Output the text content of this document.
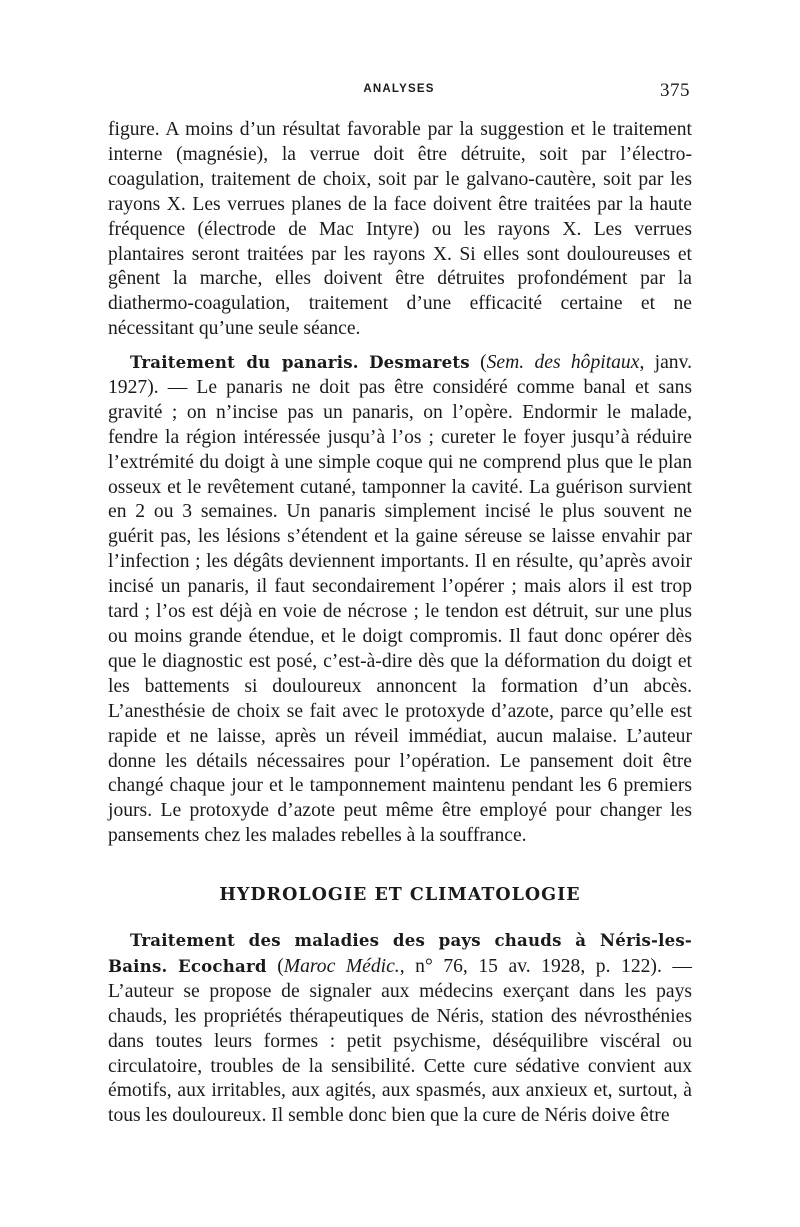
ANALYSES	375

figure. A moins d’un résultat favorable par la suggestion et le traitement interne (magnésie), la verrue doit être détruite, soit par l’électro-coagulation, traitement de choix, soit par le galvano-cautère, soit par les rayons X. Les verrues planes de la face doivent être traitées par la haute fréquence (électrode de Mac Intyre) ou les rayons X. Les verrues plantaires seront traitées par les rayons X. Si elles sont douloureuses et gênent la marche, elles doivent être détruites profondément par la diathermo-coagulation, traitement d’une efficacité certaine et ne nécessitant qu’une seule séance.

Traitement du panaris. Desmarets (Sem. des hôpitaux, janv. 1927). — Le panaris ne doit pas être considéré comme banal et sans gravité ; on n’incise pas un panaris, on l’opère. Endormir le malade, fendre la région intéressée jusqu’à l’os ; cureter le foyer jusqu’à réduire l’extrémité du doigt à une simple coque qui ne comprend plus que le plan osseux et le revêtement cutané, tamponner la cavité. La guérison survient en 2 ou 3 semaines. Un panaris simplement incisé le plus souvent ne guérit pas, les lésions s’étendent et la gaine séreuse se laisse envahir par l’infection ; les dégâts deviennent importants. Il en résulte, qu’après avoir incisé un panaris, il faut secondairement l’opérer ; mais alors il est trop tard ; l’os est déjà en voie de nécrose ; le tendon est détruit, sur une plus ou moins grande étendue, et le doigt compromis. Il faut donc opérer dès que le diagnostic est posé, c’est-à-dire dès que la déformation du doigt et les battements si douloureux annoncent la formation d’un abcès. L’anesthésie de choix se fait avec le protoxyde d’azote, parce qu’elle est rapide et ne laisse, après un réveil immédiat, aucun malaise. L’auteur donne les détails nécessaires pour l’opération. Le pansement doit être changé chaque jour et le tamponnement maintenu pendant les 6 premiers jours. Le protoxyde d’azote peut même être employé pour changer les pansements chez les malades rebelles à la souffrance.

HYDROLOGIE ET CLIMATOLOGIE

Traitement des maladies des pays chauds à Néris-les-Bains. Ecochard (Maroc Médic., n° 76, 15 av. 1928, p. 122). — L’auteur se propose de signaler aux médecins exerçant dans les pays chauds, les propriétés thérapeutiques de Néris, station des névrosthénies dans toutes leurs formes : petit psychisme, déséquilibre viscéral ou circulatoire, troubles de la sensibilité. Cette cure sédative convient aux émotifs, aux irritables, aux agités, aux spasmés, aux anxieux et, surtout, à tous les douloureux. Il semble donc bien que la cure de Néris doive être
